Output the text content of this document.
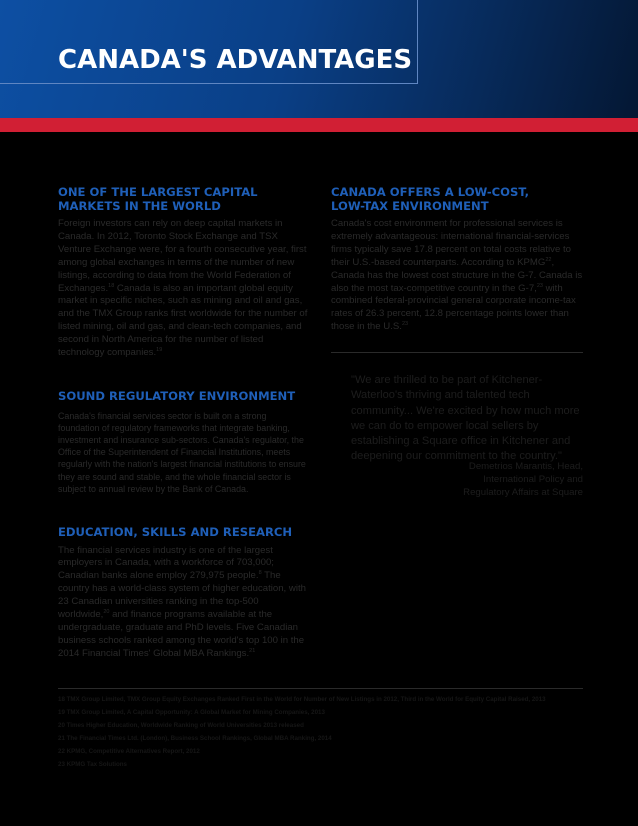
CANADA'S ADVANTAGES
ONE OF THE LARGEST CAPITAL
MARKETS IN THE WORLD

Foreign investors can rely on deep capital markets in Canada. In 2012, Toronto Stock Exchange and TSX Venture Exchange were, for a fourth consecutive year, first among global exchanges in terms of the number of new listings, according to data from the World Federation of Exchanges.$^{18}$ Canada is also an important global equity market in specific niches, such as mining and oil and gas, and the TMX Group ranks first worldwide for the number of listed mining, oil and gas, and clean-tech companies, and second in North America for the number of listed technology companies.$^{19}$

SOUND REGULATORY ENVIRONMENT

Canada's financial services sector is built on a strong foundation of regulatory frameworks that integrate banking, investment and insurance sub-sectors. Canada's regulator, the Office of the Superintendent of Financial Institutions, meets regularly with the nation's largest financial institutions to ensure they are sound and stable, and the whole financial sector is subject to annual review by the Bank of Canada.

EDUCATION, SKILLS AND RESEARCH

The financial services industry is one of the largest employers in Canada, with a workforce of 703,000; Canadian banks alone employ 279,975 people.$^8$ The country has a world-class system of higher education, with 23 Canadian universities ranking in the top-500 worldwide,$^{20}$ and finance programs available at the undergraduate, graduate and PhD levels. Five Canadian business schools ranked among the world's top 100 in the 2014 Financial Times' Global MBA Rankings.$^{21}$

CANADA OFFERS A LOW-COST,
LOW-TAX ENVIRONMENT

Canada's cost environment for professional services is extremely advantageous: international financial-services firms typically save 17.8 percent on total costs relative to their U.S.-based counterparts. According to KPMG$^{22}$, Canada has the lowest cost structure in the G-7. Canada is also the most tax-competitive country in the G-7,23 with combined federal-provincial general corporate income-tax rates of 26.3 percent, 12.8 percentage points lower than those in the U.S.$^{23}$

"We are thrilled to be part of Kitchener-Waterloo's thriving and talented tech community... We're excited by how much more we can do to empower local sellers by establishing a Square office in Kitchener and deepening our commitment to the country."

Demetrios Marantis, Head,
International Policy and
Regulatory Affairs at Square

18 TMX Group Limited, TMX Group Equity Exchanges Ranked First in the World for Number of New Listings in 2012, Third in the World for Equity Capital Raised, 2013
19 TMX Group Limited, A Capital Opportunity: A Global Market for Mining Companies, 2013
20 Times Higher Education, Worldwide Ranking of World Universities 2013 released
21 The Financial Times Ltd. (London), Business School Rankings, Global MBA Ranking, 2014
22 KPMG, Competitive Alternatives Report, 2012
23 KPMG Tax Solutions
